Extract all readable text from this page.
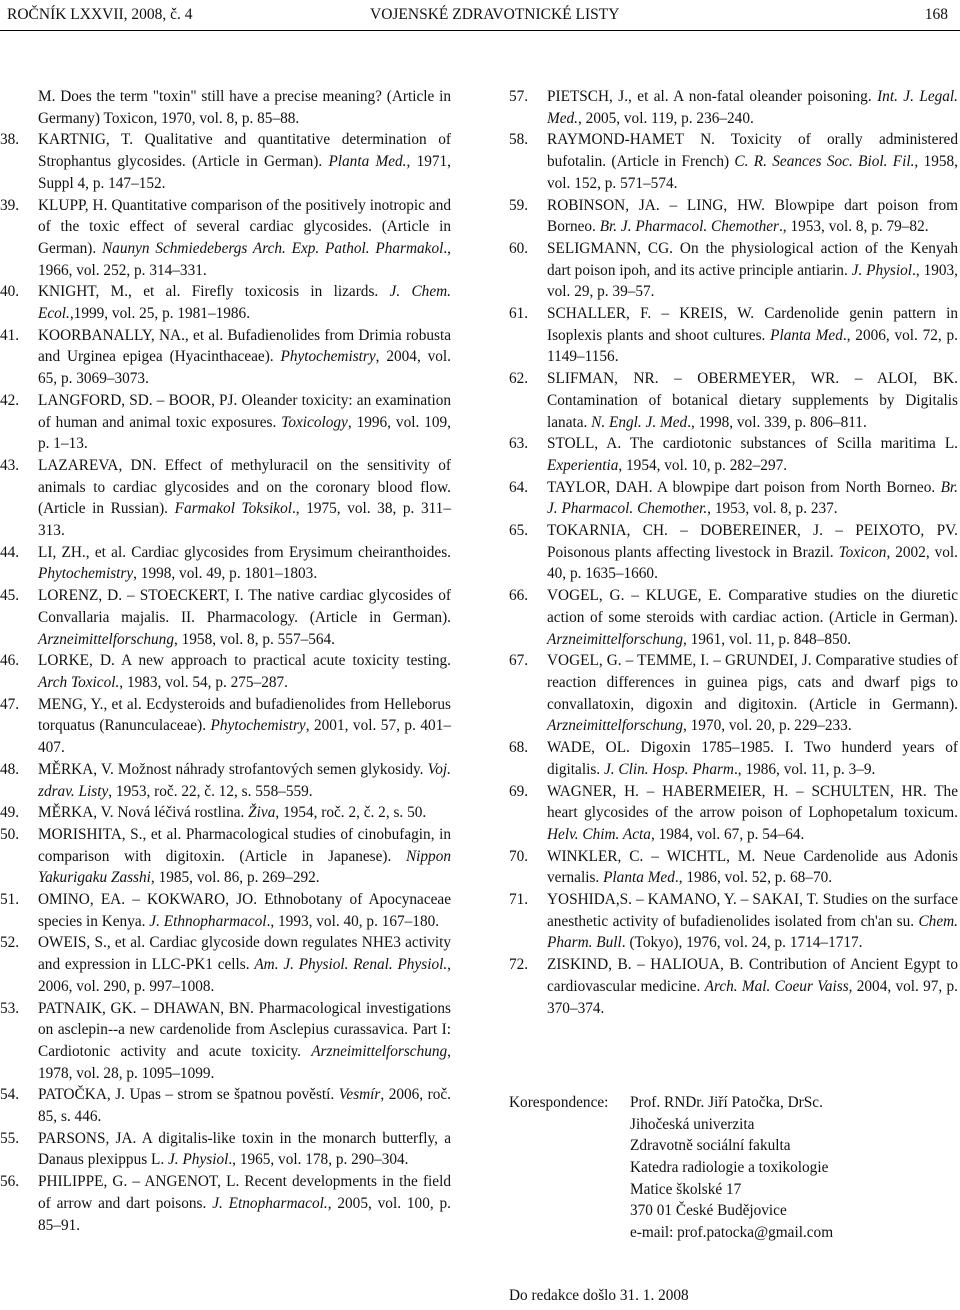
ROČNÍK LXXVII, 2008, č. 4	VOJENSKÉ ZDRAVOTNICKÉ LISTY	168
M. Does the term "toxin" still have a precise meaning? (Article in Germany) Toxicon, 1970, vol. 8, p. 85–88.
38.	KARTNIG, T. Qualitative and quantitative determination of Strophantus glycosides. (Article in German). Planta Med., 1971, Suppl 4, p. 147–152.
39.	KLUPP, H. Quantitative comparison of the positively inotropic and of the toxic effect of several cardiac glycosides. (Article in German). Naunyn Schmiedebergs Arch. Exp. Pathol. Pharmakol., 1966, vol. 252, p. 314–331.
40.	KNIGHT, M., et al. Firefly toxicosis in lizards. J. Chem. Ecol.,1999, vol. 25, p. 1981–1986.
41.	KOORBANALLY, NA., et al. Bufadienolides from Drimia robusta and Urginea epigea (Hyacinthaceae). Phytochemistry, 2004, vol. 65, p. 3069–3073.
42.	LANGFORD, SD. – BOOR, PJ. Oleander toxicity: an examination of human and animal toxic exposures. Toxicology, 1996, vol. 109, p. 1–13.
43.	LAZAREVA, DN. Effect of methyluracil on the sensitivity of animals to cardiac glycosides and on the coronary blood flow. (Article in Russian). Farmakol Toksikol., 1975, vol. 38, p. 311–313.
44.	LI, ZH., et al. Cardiac glycosides from Erysimum cheiranthoides. Phytochemistry, 1998, vol. 49, p. 1801–1803.
45.	LORENZ, D. – STOECKERT, I. The native cardiac glycosides of Convallaria majalis. II. Pharmacology. (Article in German). Arzneimittelforschung, 1958, vol. 8, p. 557–564.
46.	LORKE, D. A new approach to practical acute toxicity testing. Arch Toxicol., 1983, vol. 54, p. 275–287.
47.	MENG, Y., et al. Ecdysteroids and bufadienolides from Helleborus torquatus (Ranunculaceae). Phytochemistry, 2001, vol. 57, p. 401–407.
48.	MĚRKA, V. Možnost náhrady strofantových semen glykosidy. Voj. zdrav. Listy, 1953, roč. 22, č. 12, s. 558–559.
49.	MĚRKA, V. Nová léčivá rostlina. Živa, 1954, roč. 2, č. 2, s. 50.
50.	MORISHITA, S., et al. Pharmacological studies of cinobufagin, in comparison with digitoxin. (Article in Japanese). Nippon Yakurigaku Zasshi, 1985, vol. 86, p. 269–292.
51.	OMINO, EA. – KOKWARO, JO. Ethnobotany of Apocynaceae species in Kenya. J. Ethnopharmacol., 1993, vol. 40, p. 167–180.
52.	OWEIS, S., et al. Cardiac glycoside down regulates NHE3 activity and expression in LLC-PK1 cells. Am. J. Physiol. Renal. Physiol., 2006, vol. 290, p. 997–1008.
53.	PATNAIK, GK. – DHAWAN, BN. Pharmacological investigations on asclepin--a new cardenolide from Asclepius curassavica. Part I: Cardiotonic activity and acute toxicity. Arzneimittelforschung, 1978, vol. 28, p. 1095–1099.
54.	PATOČKA, J. Upas – strom se špatnou pověstí. Vesmír, 2006, roč. 85, s. 446.
55.	PARSONS, JA. A digitalis-like toxin in the monarch butterfly, a Danaus plexippus L. J. Physiol., 1965, vol. 178, p. 290–304.
56.	PHILIPPE, G. – ANGENOT, L. Recent developments in the field of arrow and dart poisons. J. Etnopharmacol., 2005, vol. 100, p. 85–91.
57.	PIETSCH, J., et al. A non-fatal oleander poisoning. Int. J. Legal. Med., 2005, vol. 119, p. 236–240.
58.	RAYMOND-HAMET N. Toxicity of orally administered bufotalin. (Article in French) C. R. Seances Soc. Biol. Fil., 1958, vol. 152, p. 571–574.
59.	ROBINSON, JA. – LING, HW. Blowpipe dart poison from Borneo. Br. J. Pharmacol. Chemother., 1953, vol. 8, p. 79–82.
60.	SELIGMANN, CG. On the physiological action of the Kenyah dart poison ipoh, and its active principle antiarin. J. Physiol., 1903, vol. 29, p. 39–57.
61.	SCHALLER, F. – KREIS, W. Cardenolide genin pattern in Isoplexis plants and shoot cultures. Planta Med., 2006, vol. 72, p. 1149–1156.
62.	SLIFMAN, NR. – OBERMEYER, WR. – ALOI, BK. Contamination of botanical dietary supplements by Digitalis lanata. N. Engl. J. Med., 1998, vol. 339, p. 806–811.
63.	STOLL, A. The cardiotonic substances of Scilla maritima L. Experientia, 1954, vol. 10, p. 282–297.
64.	TAYLOR, DAH. A blowpipe dart poison from North Borneo. Br. J. Pharmacol. Chemother., 1953, vol. 8, p. 237.
65.	TOKARNIA, CH. – DOBEREINER, J. – PEIXOTO, PV. Poisonous plants affecting livestock in Brazil. Toxicon, 2002, vol. 40, p. 1635–1660.
66.	VOGEL, G. – KLUGE, E. Comparative studies on the diuretic action of some steroids with cardiac action. (Article in German). Arzneimittelforschung, 1961, vol. 11, p. 848–850.
67.	VOGEL, G. – TEMME, I. – GRUNDEI, J. Comparative studies of reaction differences in guinea pigs, cats and dwarf pigs to convallatoxin, digoxin and digitoxin. (Article in Germann). Arzneimittelforschung, 1970, vol. 20, p. 229–233.
68.	WADE, OL. Digoxin 1785–1985. I. Two hunderd years of digitalis. J. Clin. Hosp. Pharm., 1986, vol. 11, p. 3–9.
69.	WAGNER, H. – HABERMEIER, H. – SCHULTEN, HR. The heart glycosides of the arrow poison of Lophopetalum toxicum. Helv. Chim. Acta, 1984, vol. 67, p. 54–64.
70.	WINKLER, C. – WICHTL, M. Neue Cardenolide aus Adonis vernalis. Planta Med., 1986, vol. 52, p. 68–70.
71.	YOSHIDA,S. – KAMANO, Y. – SAKAI, T. Studies on the surface anesthetic activity of bufadienolides isolated from ch'an su. Chem. Pharm. Bull. (Tokyo), 1976, vol. 24, p. 1714–1717.
72.	ZISKIND, B. – HALIOUA, B. Contribution of Ancient Egypt to cardiovascular medicine. Arch. Mal. Coeur Vaiss, 2004, vol. 97, p. 370–374.
Korespondence: Prof. RNDr. Jiří Patočka, DrSc.
Jihočeská univerzita
Zdravotně sociální fakulta
Katedra radiologie a toxikologie
Matice školské 17
370 01 České Budějovice
e-mail: prof.patocka@gmail.com
Do redakce došlo 31. 1. 2008
